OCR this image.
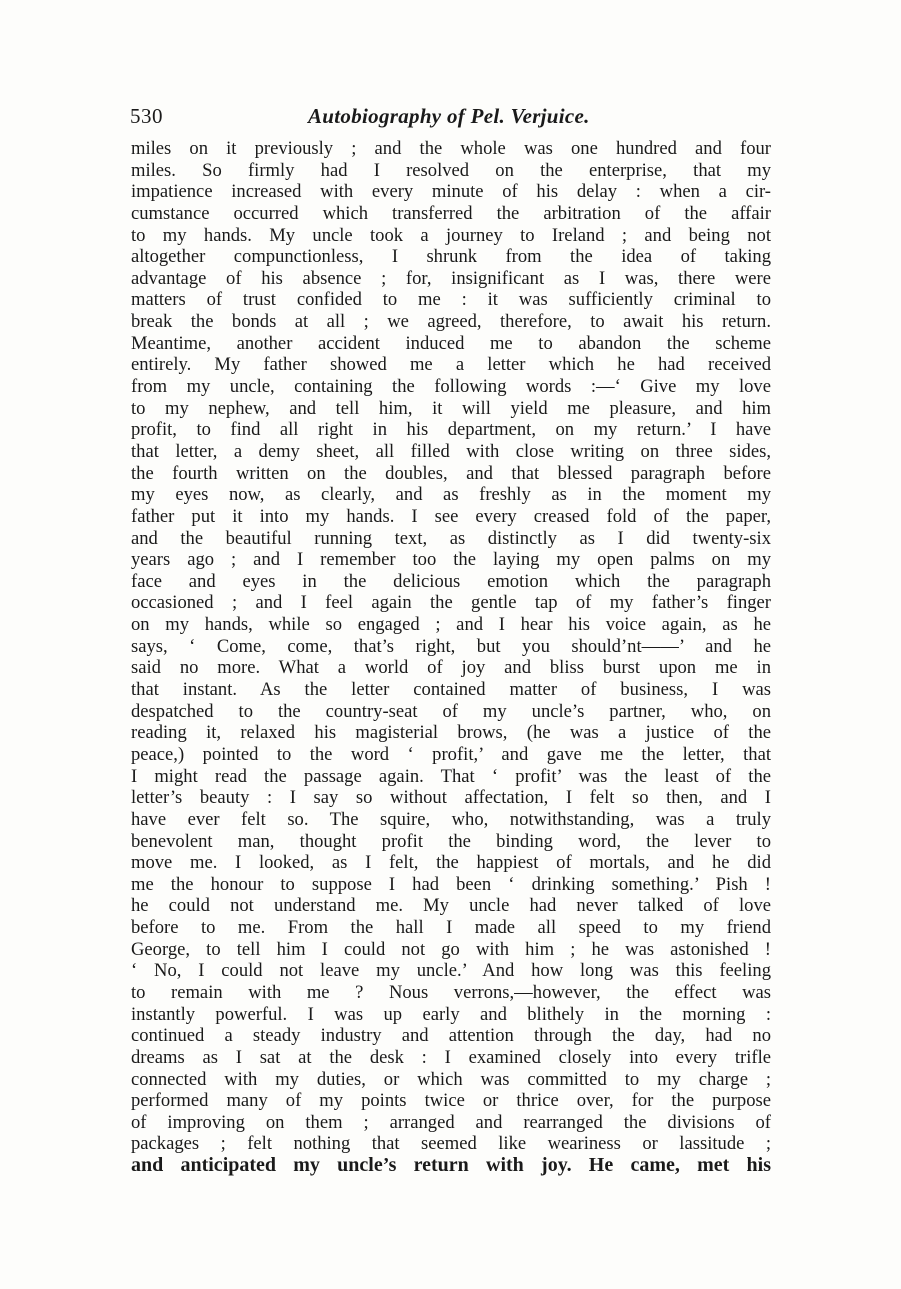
530	Autobiography of Pel. Verjuice.
miles on it previously ; and the whole was one hundred and four
miles. So firmly had I resolved on the enterprise, that my
impatience increased with every minute of his delay : when a cir-
cumstance occurred which transferred the arbitration of the affair
to my hands. My uncle took a journey to Ireland ; and being not
altogether compunctionless, I shrunk from the idea of taking
advantage of his absence ; for, insignificant as I was, there were
matters of trust confided to me : it was sufficiently criminal to
break the bonds at all ; we agreed, therefore, to await his return.
Meantime, another accident induced me to abandon the scheme
entirely. My father showed me a letter which he had received
from my uncle, containing the following words :—‘ Give my love
to my nephew, and tell him, it will yield me pleasure, and him
profit, to find all right in his department, on my return.’ I have
that letter, a demy sheet, all filled with close writing on three sides,
the fourth written on the doubles, and that blessed paragraph before
my eyes now, as clearly, and as freshly as in the moment my
father put it into my hands. I see every creased fold of the paper,
and the beautiful running text, as distinctly as I did twenty-six
years ago ; and I remember too the laying my open palms on my
face and eyes in the delicious emotion which the paragraph
occasioned ; and I feel again the gentle tap of my father’s finger
on my hands, while so engaged ; and I hear his voice again, as he
says, ‘ Come, come, that’s right, but you should’nt——’ and he
said no more. What a world of joy and bliss burst upon me in
that instant. As the letter contained matter of business, I was
despatched to the country-seat of my uncle’s partner, who, on
reading it, relaxed his magisterial brows, (he was a justice of the
peace,) pointed to the word ‘ profit,’ and gave me the letter, that
I might read the passage again. That ‘ profit’ was the least of the
letter’s beauty : I say so without affectation, I felt so then, and I
have ever felt so. The squire, who, notwithstanding, was a truly
benevolent man, thought profit the binding word, the lever to
move me. I looked, as I felt, the happiest of mortals, and he did
me the honour to suppose I had been ‘ drinking something.’ Pish !
he could not understand me. My uncle had never talked of love
before to me. From the hall I made all speed to my friend
George, to tell him I could not go with him ; he was astonished !
‘ No, I could not leave my uncle.’ And how long was this feeling
to remain with me ? Nous verrons,—however, the effect was
instantly powerful. I was up early and blithely in the morning :
continued a steady industry and attention through the day, had no
dreams as I sat at the desk : I examined closely into every trifle
connected with my duties, or which was committed to my charge ;
performed many of my points twice or thrice over, for the purpose
of improving on them ; arranged and rearranged the divisions of
packages ; felt nothing that seemed like weariness or lassitude ;
and anticipated my uncle’s return with joy. He came, met his
